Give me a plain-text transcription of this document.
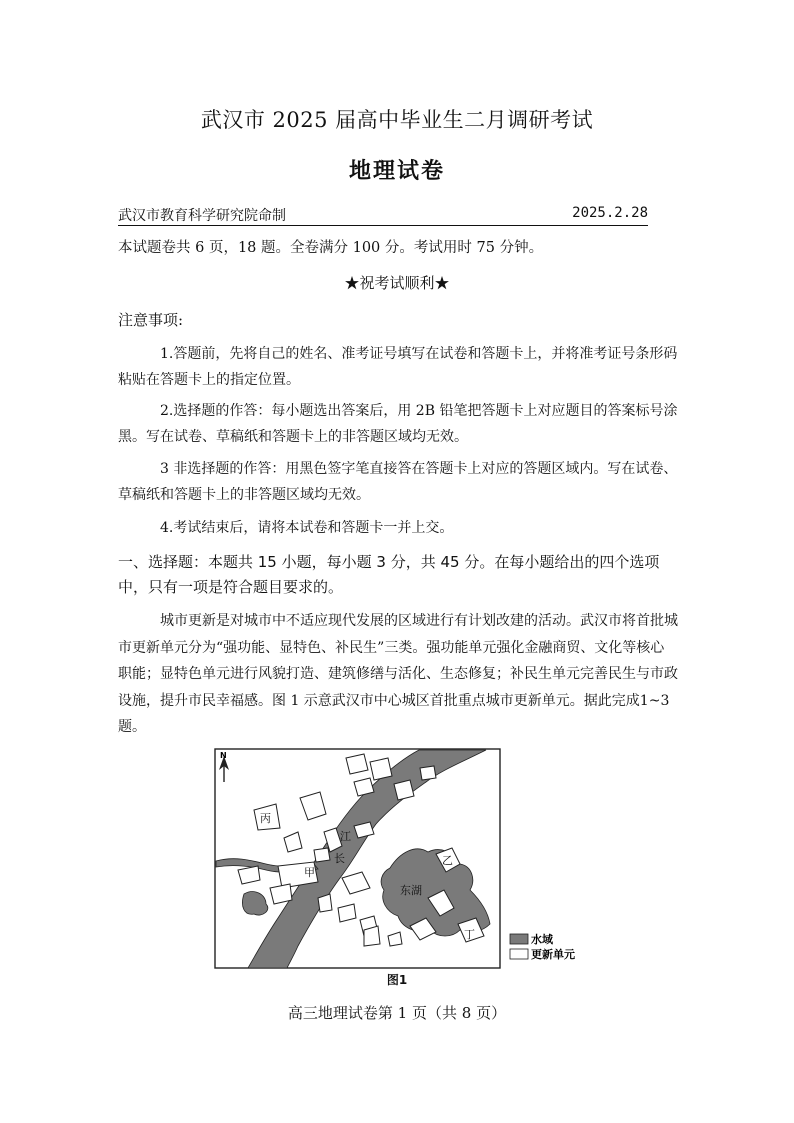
武汉市 2025 届高中毕业生二月调研考试
地理试卷
武汉市教育科学研究院命制	2025.2.28
本试题卷共 6 页，18 题。全卷满分 100 分。考试用时 75 分钟。
★祝考试顺利★
注意事项:
1.答题前，先将自己的姓名、准考证号填写在试卷和答题卡上，并将准考证号条形码粘贴在答题卡上的指定位置。
2.选择题的作答：每小题选出答案后，用 2B 铅笔把答题卡上对应题目的答案标号涂黑。写在试卷、草稿纸和答题卡上的非答题区域均无效。
3 非选择题的作答：用黑色签字笔直接答在答题卡上对应的答题区域内。写在试卷、草稿纸和答题卡上的非答题区域均无效。
4.考试结束后，请将本试卷和答题卡一并上交。
一、选择题：本题共 15 小题，每小题 3 分，共 45 分。在每小题给出的四个选项中，只有一项是符合题目要求的。
城市更新是对城市中不适应现代发展的区域进行有计划改建的活动。武汉市将首批城市更新单元分为“强功能、显特色、补民生”三类。强功能单元强化金融商贸、文化等核心职能；显特色单元进行风貌打造、建筑修缮与活化、生态修复；补民生单元完善民生与市政设施，提升市民幸福感。图 1 示意武汉市中心城区首批重点城市更新单元。据此完成1~3 题。
N
丙
甲
江
长	乙
东湖
丁	水域
更新单元
图1
高三地理试卷第 1 页（共 8 页）
